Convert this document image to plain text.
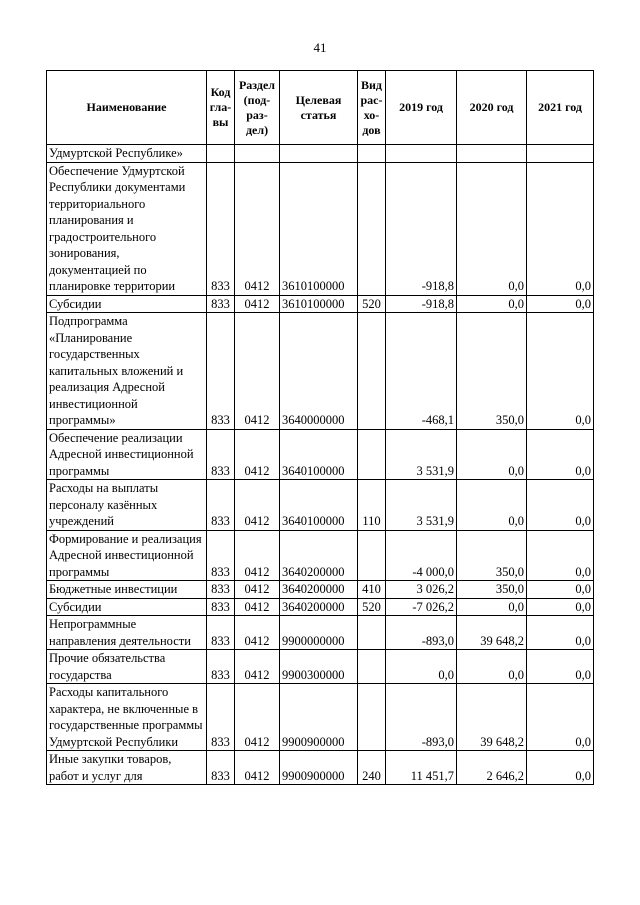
41
Наименование	Код гла-вы	Раздел (под-раз-дел)	Целевая статья	Вид рас-хо-дов	2019 год	2020 год	2021 год
Удмуртской Республике»							
Обеспечение Удмуртской Республики документами территориального планирования и градостроительного зонирования, документацией по планировке территории	833	0412	3610100000		-918,8	0,0	0,0
Субсидии	833	0412	3610100000	520	-918,8	0,0	0,0
Подпрограмма «Планирование государственных капитальных вложений и реализация Адресной инвестиционной программы»	833	0412	3640000000		-468,1	350,0	0,0
Обеспечение реализации Адресной инвестиционной программы	833	0412	3640100000		3 531,9	0,0	0,0
Расходы на выплаты персоналу казённых учреждений	833	0412	3640100000	110	3 531,9	0,0	0,0
Формирование и реализация Адресной инвестиционной программы	833	0412	3640200000		-4 000,0	350,0	0,0
Бюджетные инвестиции	833	0412	3640200000	410	3 026,2	350,0	0,0
Субсидии	833	0412	3640200000	520	-7 026,2	0,0	0,0
Непрограммные направления деятельности	833	0412	9900000000		-893,0	39 648,2	0,0
Прочие обязательства государства	833	0412	9900300000		0,0	0,0	0,0
Расходы капитального характера, не включенные в государственные программы Удмуртской Республики	833	0412	9900900000		-893,0	39 648,2	0,0
Иные закупки товаров, работ и услуг для	833	0412	9900900000	240	11 451,7	2 646,2	0,0
